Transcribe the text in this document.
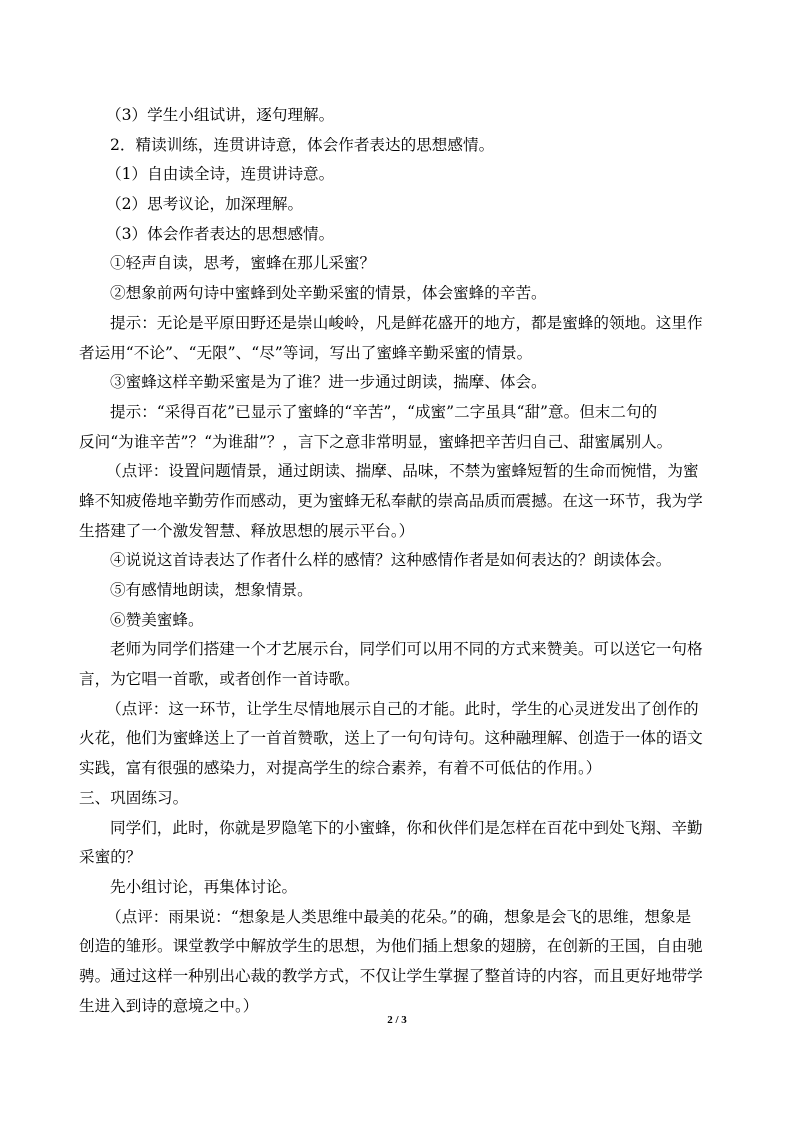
（3）学生小组试讲，逐句理解。
2．精读训练，连贯讲诗意，体会作者表达的思想感情。
（1）自由读全诗，连贯讲诗意。
（2）思考议论，加深理解。
（3）体会作者表达的思想感情。
①轻声自读，思考，蜜蜂在那儿采蜜？
②想象前两句诗中蜜蜂到处辛勤采蜜的情景，体会蜜蜂的辛苦。
提示：无论是平原田野还是崇山峻岭，凡是鲜花盛开的地方，都是蜜蜂的领地。这里作
者运用“不论”、“无限”、“尽”等词，写出了蜜蜂辛勤采蜜的情景。
③蜜蜂这样辛勤采蜜是为了谁？进一步通过朗读，揣摩、体会。
提示：“采得百花”已显示了蜜蜂的“辛苦”，“成蜜”二字虽具“甜”意。但末二句的
反问“为谁辛苦”？“为谁甜”？，言下之意非常明显，蜜蜂把辛苦归自己、甜蜜属别人。
（点评：设置问题情景，通过朗读、揣摩、品味，不禁为蜜蜂短暂的生命而惋惜，为蜜
蜂不知疲倦地辛勤劳作而感动，更为蜜蜂无私奉献的崇高品质而震撼。在这一环节，我为学
生搭建了一个激发智慧、释放思想的展示平台。）
④说说这首诗表达了作者什么样的感情？这种感情作者是如何表达的？朗读体会。
⑤有感情地朗读，想象情景。
⑥赞美蜜蜂。
老师为同学们搭建一个才艺展示台，同学们可以用不同的方式来赞美。可以送它一句格
言，为它唱一首歌，或者创作一首诗歌。
（点评：这一环节，让学生尽情地展示自己的才能。此时，学生的心灵迸发出了创作的
火花，他们为蜜蜂送上了一首首赞歌，送上了一句句诗句。这种融理解、创造于一体的语文
实践，富有很强的感染力，对提高学生的综合素养，有着不可低估的作用。）
三、巩固练习。
同学们，此时，你就是罗隐笔下的小蜜蜂，你和伙伴们是怎样在百花中到处飞翔、辛勤
采蜜的？
先小组讨论，再集体讨论。
（点评：雨果说：“想象是人类思维中最美的花朵。”的确，想象是会飞的思维，想象是
创造的雏形。课堂教学中解放学生的思想，为他们插上想象的翅膀，在创新的王国，自由驰
骋。通过这样一种别出心裁的教学方式，不仅让学生掌握了整首诗的内容，而且更好地带学
生进入到诗的意境之中。）
2 / 3
